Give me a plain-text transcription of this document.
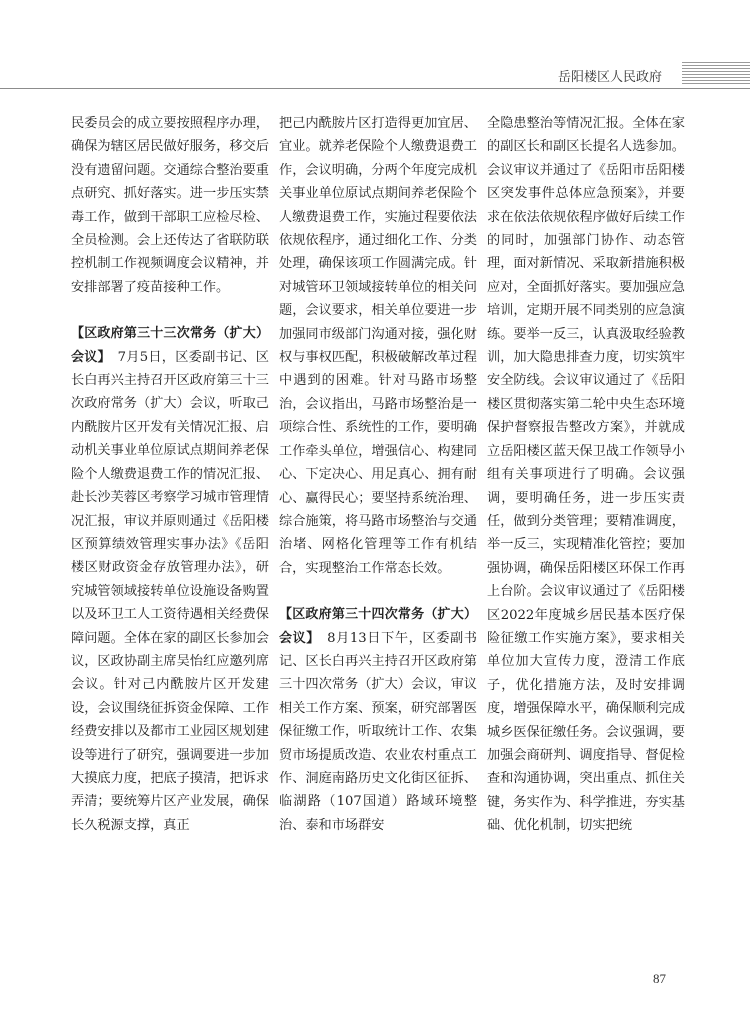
岳阳楼区人民政府

民委员会的成立要按照程序办理，确保为辖区居民做好服务，移交后没有遗留问题。交通综合整治要重点研究、抓好落实。进一步压实禁毒工作，做到干部职工应检尽检、全员检测。会上还传达了省联防联控机制工作视频调度会议精神，并安排部署了疫苗接种工作。

【区政府第三十三次常务（扩大）会议】　 7月5日，区委副书记、区长白再兴主持召开区政府第三十三次政府常务（扩大）会议，听取己内酰胺片区开发有关情况汇报、启动机关事业单位原试点期间养老保险个人缴费退费工作的情况汇报、赴长沙芙蓉区考察学习城市管理情况汇报，审议并原则通过《岳阳楼区预算绩效管理实事办法》《岳阳楼区财政资金存放管理办法》，研究城管领域接转单位设施设备购置以及环卫工人工资待遇相关经费保障问题。全体在家的副区长参加会议，区政协副主席吴怡红应邀列席会议。针对己内酰胺片区开发建设，会议围绕征拆资金保障、工作经费安排以及都市工业园区规划建设等进行了研究，强调要进一步加大摸底力度，把底子摸清，把诉求弄清；要统筹片区产业发展，确保长久税源支撑，真正

把己内酰胺片区打造得更加宜居、宜业。就养老保险个人缴费退费工作，会议明确，分两个年度完成机关事业单位原试点期间养老保险个人缴费退费工作，实施过程要依法依规依程序，通过细化工作、分类处理，确保该项工作圆满完成。针对城管环卫领域接转单位的相关问题，会议要求，相关单位要进一步加强同市级部门沟通对接，强化财权与事权匹配，积极破解改革过程中遇到的困难。针对马路市场整治，会议指出，马路市场整治是一项综合性、系统性的工作，要明确工作牵头单位，增强信心、构建同心、下定决心、用足真心、拥有耐心、赢得民心；要坚持系统治理、综合施策，将马路市场整治与交通治堵、网格化管理等工作有机结合，实现整治工作常态长效。

【区政府第三十四次常务（扩大）会议】　 8月13日下午，区委副书记、区长白再兴主持召开区政府第三十四次常务（扩大）会议，审议相关工作方案、预案，研究部署医保征缴工作，听取统计工作、农集贸市场提质改造、农业农村重点工作、洞庭南路历史文化街区征拆、临湖路（107国道）路域环境整治、泰和市场群安

全隐患整治等情况汇报。全体在家的副区长和副区长提名人选参加。会议审议并通过了《岳阳市岳阳楼区突发事件总体应急预案》，并要求在依法依规依程序做好后续工作的同时，加强部门协作、动态管理，面对新情况、采取新措施积极应对，全面抓好落实。要加强应急培训，定期开展不同类别的应急演练。要举一反三，认真汲取经验教训，加大隐患排查力度，切实筑牢安全防线。会议审议通过了《岳阳楼区贯彻落实第二轮中央生态环境保护督察报告整改方案》，并就成立岳阳楼区蓝天保卫战工作领导小组有关事项进行了明确。会议强调，要明确任务，进一步压实责任，做到分类管理；要精准调度，举一反三，实现精准化管控；要加强协调，确保岳阳楼区环保工作再上台阶。会议审议通过了《岳阳楼区2022年度城乡居民基本医疗保险征缴工作实施方案》，要求相关单位加大宣传力度，澄清工作底子，优化措施方法，及时安排调度，增强保障水平，确保顺利完成城乡医保征缴任务。会议强调，要加强会商研判、调度指导、督促检查和沟通协调，突出重点、抓住关键，务实作为、科学推进，夯实基础、优化机制，切实把统

87
